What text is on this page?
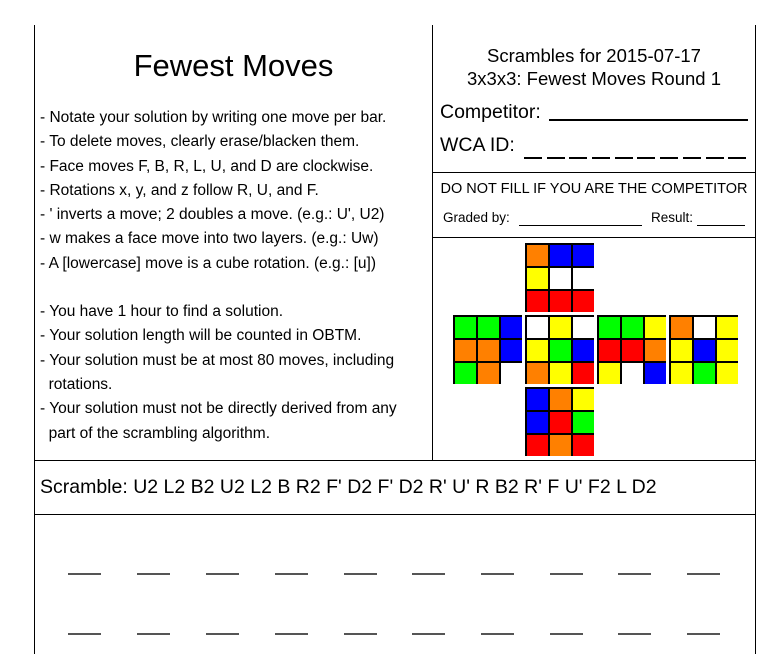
Fewest Moves
- Notate your solution by writing one move per bar.
- To delete moves, clearly erase/blacken them.
- Face moves F, B, R, L, U, and D are clockwise.
- Rotations x, y, and z follow R, U, and F.
- ' inverts a move; 2 doubles a move. (e.g.: U', U2)
- w makes a face move into two layers. (e.g.: Uw)
- A [lowercase] move is a cube rotation. (e.g.: [u])
- You have 1 hour to find a solution.
- Your solution length will be counted in OBTM.
- Your solution must be at most 80 moves, including
rotations.
- Your solution must not be directly derived from any
part of the scrambling algorithm.
Scrambles for 2015-07-17
3x3x3: Fewest Moves Round 1
Competitor:
WCA ID:
DO NOT FILL IF YOU ARE THE COMPETITOR
Graded by:	Result:
Scramble: U2 L2 B2 U2 L2 B R2 F' D2 F' D2 R' U' R B2 R' F U' F2 L D2
